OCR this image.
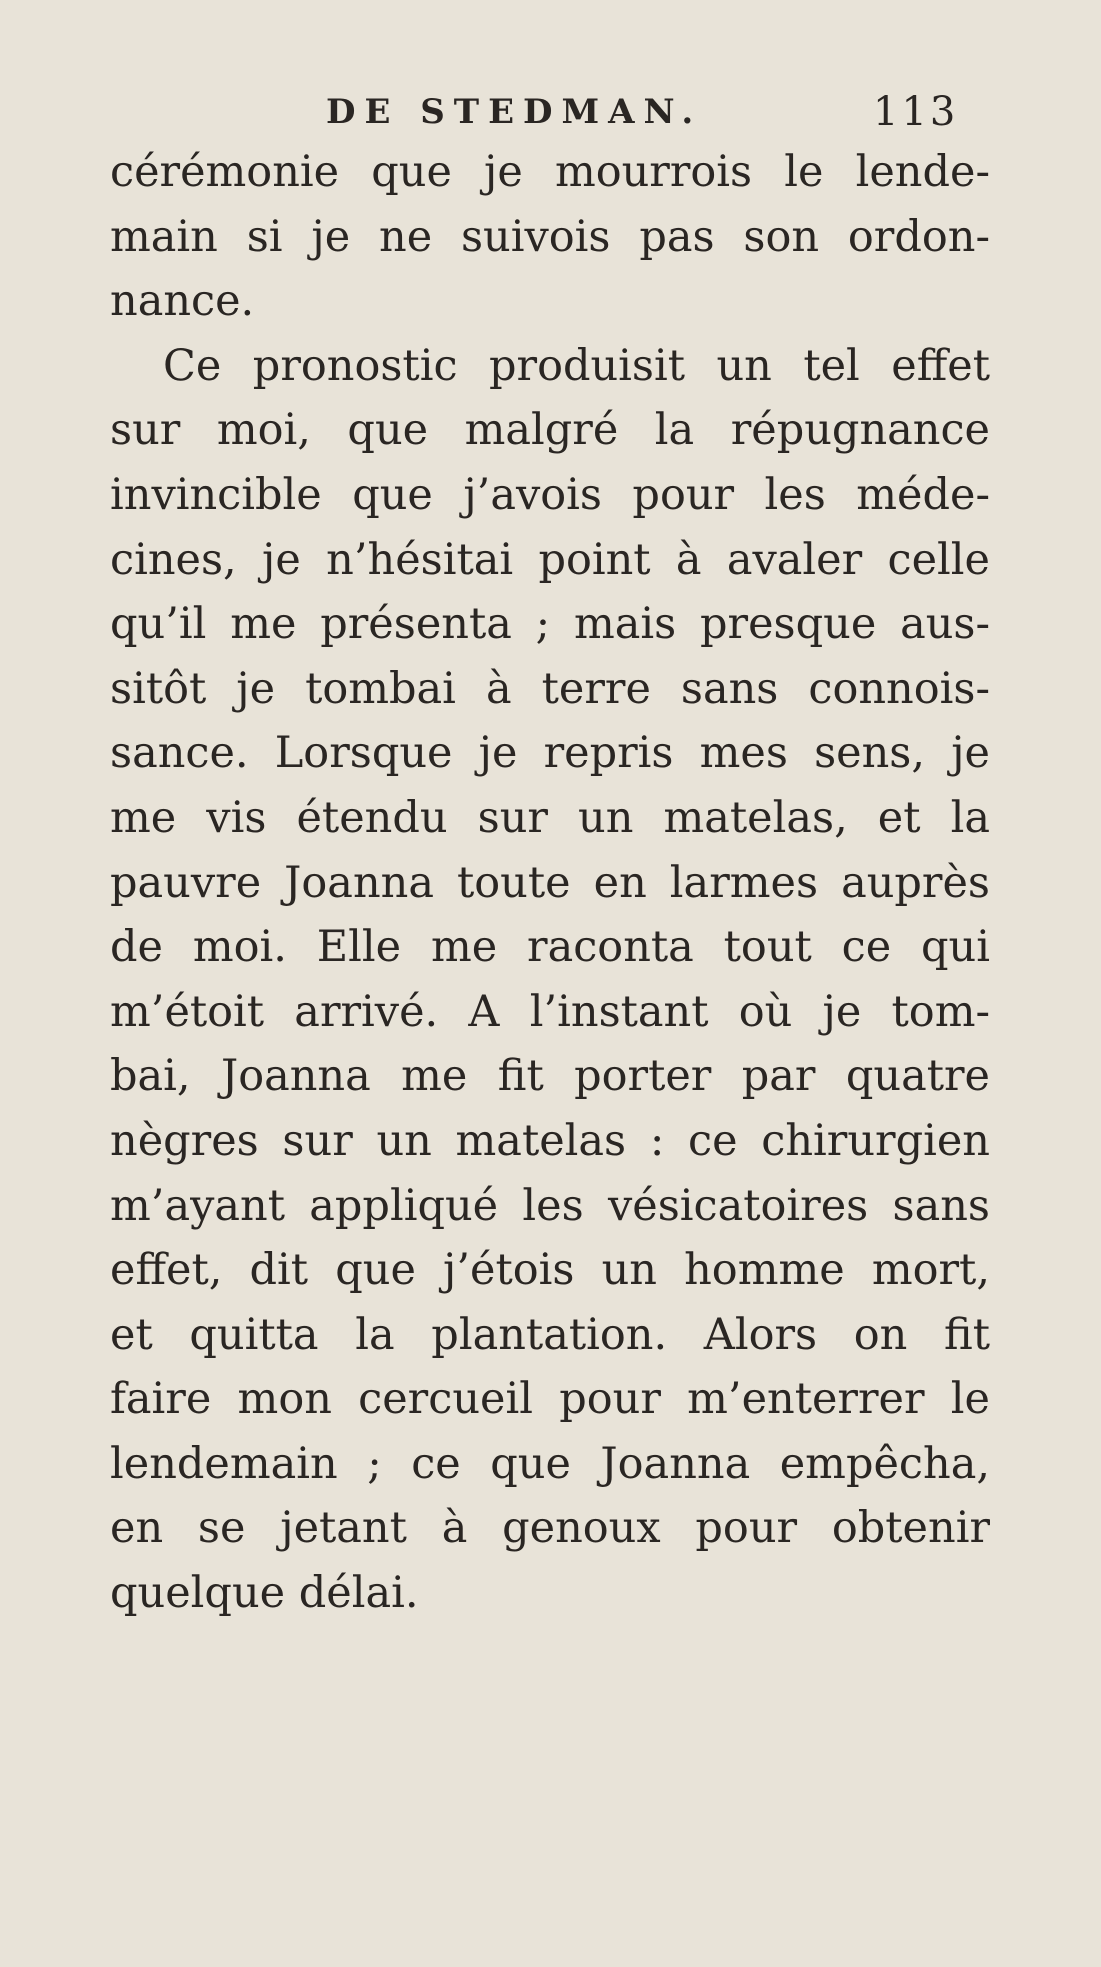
DE STEDMAN.	113
cérémonie que je mourrois le lende-
main si je ne suivois pas son ordon-
nance.
Ce pronostic produisit un tel effet
sur moi, que malgré la répugnance
invincible que j’avois pour les méde-
cines, je n’hésitai point à avaler celle
qu’il me présenta ; mais presque aus-
sitôt je tombai à terre sans connois-
sance. Lorsque je repris mes sens, je
me vis étendu sur un matelas, et la
pauvre Joanna toute en larmes auprès
de moi. Elle me raconta tout ce qui
m’étoit arrivé. A l’instant où je tom-
bai, Joanna me fit porter par quatre
nègres sur un matelas : ce chirurgien
m’ayant appliqué les vésicatoires sans
effet, dit que j’étois un homme mort,
et quitta la plantation. Alors on fit
faire mon cercueil pour m’enterrer le
lendemain ; ce que Joanna empêcha,
en se jetant à genoux pour obtenir
quelque délai.
